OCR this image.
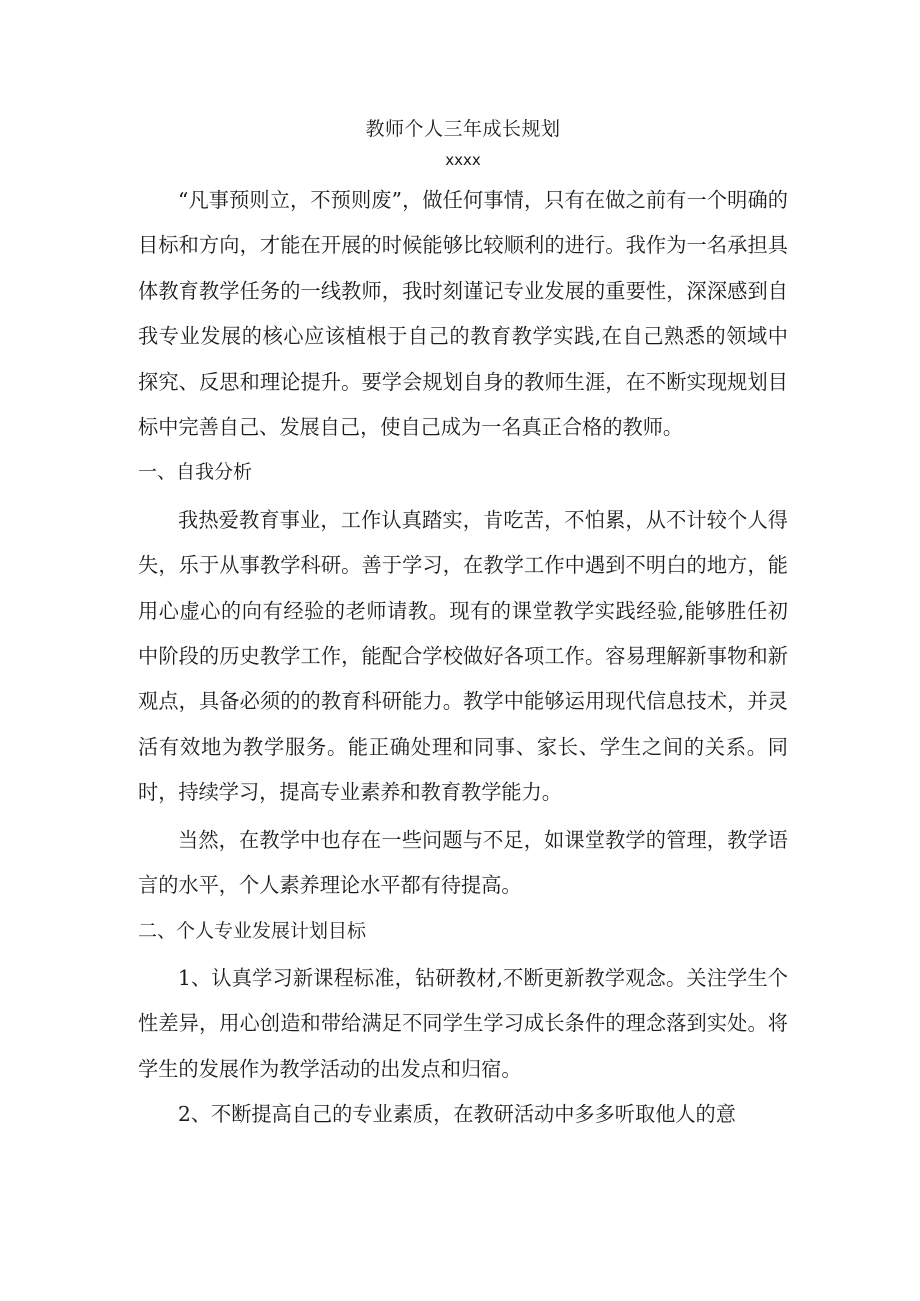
教师个人三年成长规划

xxxx

“凡事预则立，不预则废”，做任何事情，只有在做之前有一个明确的目标和方向，才能在开展的时候能够比较顺利的进行。我作为一名承担具体教育教学任务的一线教师，我时刻谨记专业发展的重要性，深深感到自我专业发展的核心应该植根于自己的教育教学实践,在自己熟悉的领域中探究、反思和理论提升。要学会规划自身的教师生涯，在不断实现规划目标中完善自己、发展自己，使自己成为一名真正合格的教师。

一、自我分析

我热爱教育事业，工作认真踏实，肯吃苦，不怕累，从不计较个人得失，乐于从事教学科研。善于学习，在教学工作中遇到不明白的地方，能用心虚心的向有经验的老师请教。现有的课堂教学实践经验,能够胜任初中阶段的历史教学工作，能配合学校做好各项工作。容易理解新事物和新观点，具备必须的的教育科研能力。教学中能够运用现代信息技术，并灵活有效地为教学服务。能正确处理和同事、家长、学生之间的关系。同时，持续学习，提高专业素养和教育教学能力。

当然，在教学中也存在一些问题与不足，如课堂教学的管理，教学语言的水平，个人素养理论水平都有待提高。

二、个人专业发展计划目标

1、认真学习新课程标准，钻研教材,不断更新教学观念。关注学生个性差异，用心创造和带给满足不同学生学习成长条件的理念落到实处。将学生的发展作为教学活动的出发点和归宿。

2、不断提高自己的专业素质，在教研活动中多多听取他人的意
